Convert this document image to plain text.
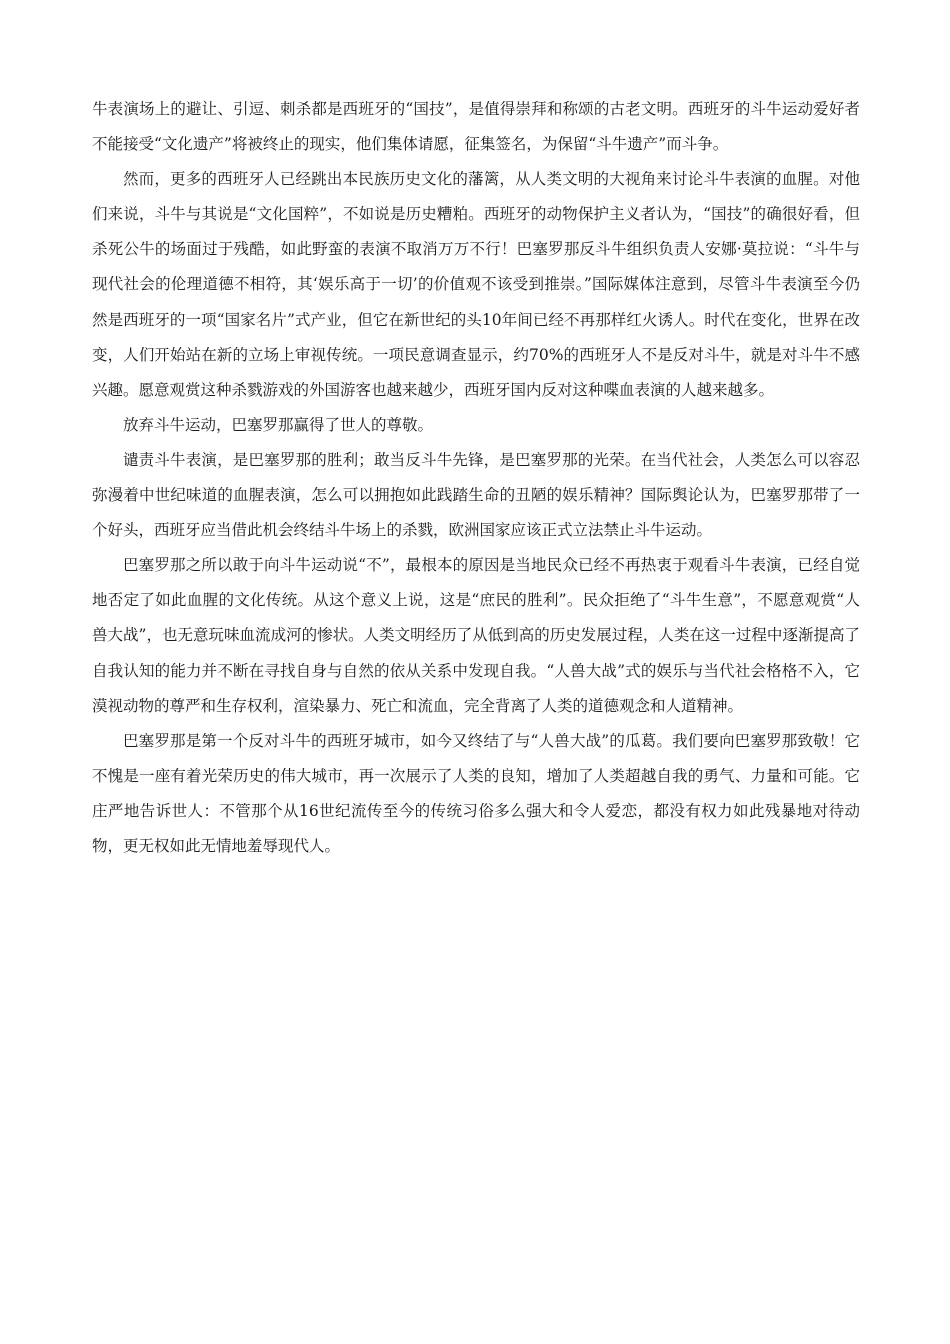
牛表演场上的避让、引逗、刺杀都是西班牙的“国技”，是值得崇拜和称颂的古老文明。西班牙的斗牛运动爱好者不能接受“文化遗产”将被终止的现实，他们集体请愿，征集签名，为保留“斗牛遗产”而斗争。

然而，更多的西班牙人已经跳出本民族历史文化的藩篱，从人类文明的大视角来讨论斗牛表演的血腥。对他们来说，斗牛与其说是“文化国粹”，不如说是历史糟粕。西班牙的动物保护主义者认为，“国技”的确很好看，但杀死公牛的场面过于残酷，如此野蛮的表演不取消万万不行！巴塞罗那反斗牛组织负责人安娜·莫拉说：“斗牛与现代社会的伦理道德不相符，其‘娱乐高于一切’的价值观不该受到推崇。”国际媒体注意到，尽管斗牛表演至今仍然是西班牙的一项“国家名片”式产业，但它在新世纪的头10年间已经不再那样红火诱人。时代在变化，世界在改变，人们开始站在新的立场上审视传统。一项民意调查显示，约70%的西班牙人不是反对斗牛，就是对斗牛不感兴趣。愿意观赏这种杀戮游戏的外国游客也越来越少，西班牙国内反对这种喋血表演的人越来越多。

放弃斗牛运动，巴塞罗那赢得了世人的尊敬。

谴责斗牛表演，是巴塞罗那的胜利；敢当反斗牛先锋，是巴塞罗那的光荣。在当代社会，人类怎么可以容忍弥漫着中世纪味道的血腥表演，怎么可以拥抱如此践踏生命的丑陋的娱乐精神？国际舆论认为，巴塞罗那带了一个好头，西班牙应当借此机会终结斗牛场上的杀戮，欧洲国家应该正式立法禁止斗牛运动。

巴塞罗那之所以敢于向斗牛运动说“不”，最根本的原因是当地民众已经不再热衷于观看斗牛表演，已经自觉地否定了如此血腥的文化传统。从这个意义上说，这是“庶民的胜利”。民众拒绝了“斗牛生意”，不愿意观赏“人兽大战”，也无意玩味血流成河的惨状。人类文明经历了从低到高的历史发展过程，人类在这一过程中逐渐提高了自我认知的能力并不断在寻找自身与自然的依从关系中发现自我。“人兽大战”式的娱乐与当代社会格格不入，它漠视动物的尊严和生存权利，渲染暴力、死亡和流血，完全背离了人类的道德观念和人道精神。

巴塞罗那是第一个反对斗牛的西班牙城市，如今又终结了与“人兽大战”的瓜葛。我们要向巴塞罗那致敬！它不愧是一座有着光荣历史的伟大城市，再一次展示了人类的良知，增加了人类超越自我的勇气、力量和可能。它庄严地告诉世人：不管那个从16世纪流传至今的传统习俗多么强大和令人爱恋，都没有权力如此残暴地对待动物，更无权如此无情地羞辱现代人。
